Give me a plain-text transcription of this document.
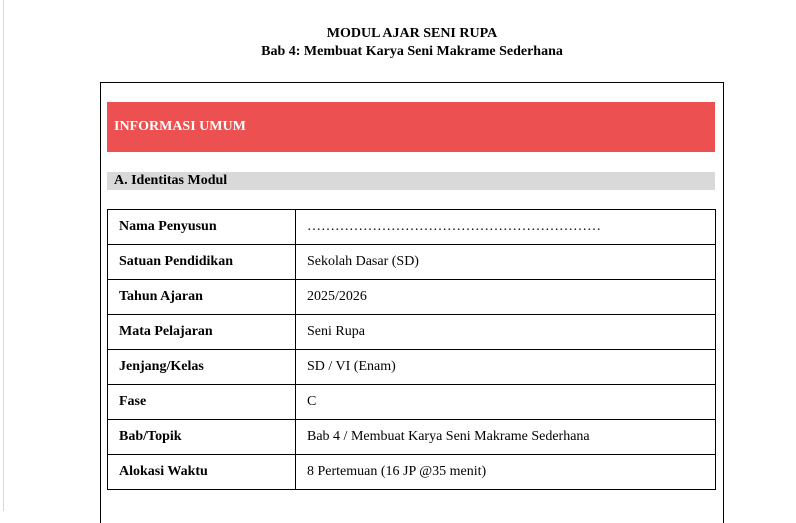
MODUL AJAR SENI RUPA
Bab 4: Membuat Karya Seni Makrame Sederhana
INFORMASI UMUM
A. Identitas Modul
Nama Penyusun	………………………………………………………
Satuan Pendidikan	Sekolah Dasar (SD)
Tahun Ajaran	2025/2026
Mata Pelajaran	Seni Rupa
Jenjang/Kelas	SD / VI (Enam)
Fase	C
Bab/Topik	Bab 4 / Membuat Karya Seni Makrame Sederhana
Alokasi Waktu	8 Pertemuan (16 JP @35 menit)
